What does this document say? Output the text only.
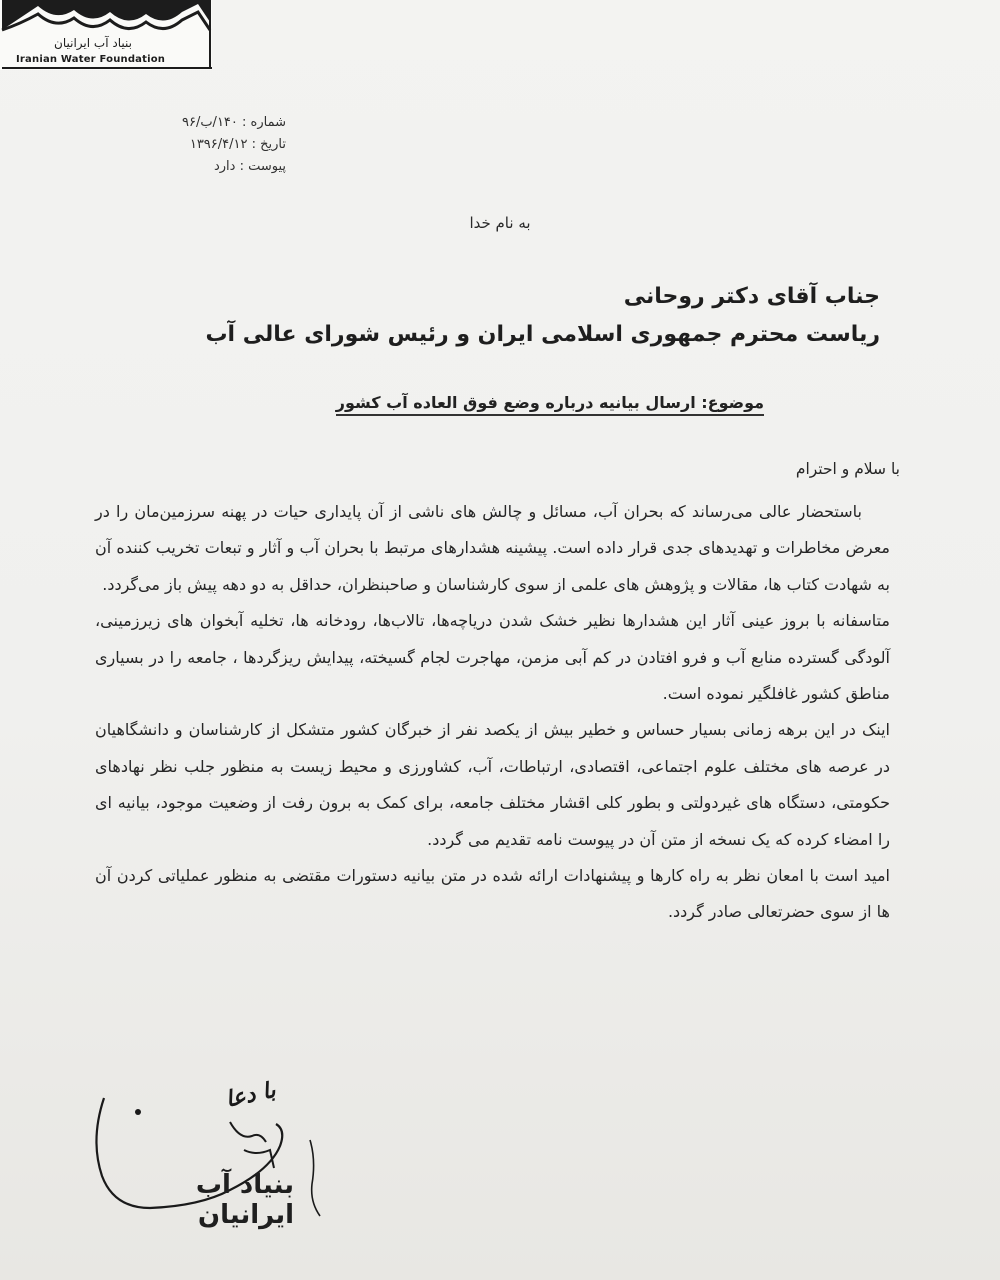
بنیاد آب ایرانیان
Iranian Water Foundation
شماره : ۱۴۰/ب/۹۶
تاریخ : ۱۳۹۶/۴/۱۲
پیوست : دارد
به نام خدا
جناب آقای دکتر روحانی
ریاست محترم جمهوری اسلامی ایران و رئیس شورای عالی آب
موضوع: ارسال بیانیه درباره وضع فوق العاده آب کشور
با سلام و احترام

باستحضار عالی می‌رساند که بحران آب، مسائل و چالش های ناشی از آن پایداری حیات در پهنه سرزمین‌مان را در معرض مخاطرات و تهدیدهای جدی قرار داده است. پیشینه هشدارهای مرتبط با بحران آب و آثار و تبعات تخریب کننده آن به شهادت کتاب ها، مقالات و پژوهش های علمی از سوی کارشناسان و صاحبنظران، حداقل به دو دهه پیش باز می‌گردد.

متاسفانه با بروز عینی آثار این هشدارها نظیر خشک شدن دریاچه‌ها، تالاب‌ها، رودخانه ها، تخلیه آبخوان های زیرزمینی، آلودگی گسترده منابع آب و فرو افتادن در کم آبی مزمن، مهاجرت لجام گسیخته، پیدایش ریزگردها ، جامعه را در بسیاری مناطق کشور غافلگیر نموده است.

اینک در این برهه زمانی بسیار حساس و خطیر بیش از یکصد نفر از خبرگان کشور متشکل از کارشناسان و دانشگاهیان در عرصه های مختلف علوم اجتماعی، اقتصادی، ارتباطات، آب، کشاورزی و محیط زیست به منظور جلب نظر نهادهای حکومتی، دستگاه های غیردولتی و بطور کلی اقشار مختلف جامعه، برای کمک به برون رفت از وضعیت موجود، بیانیه ای را امضاء کرده که یک نسخه از متن آن در پیوست نامه تقدیم می گردد.

امید است با امعان نظر به راه کارها و پیشنهادات ارائه شده در متن بیانیه دستورات مقتضی به منظور عملیاتی کردن آن ها از سوی حضرتعالی صادر گردد.

با دعا
بنیاد آب ایرانیان
